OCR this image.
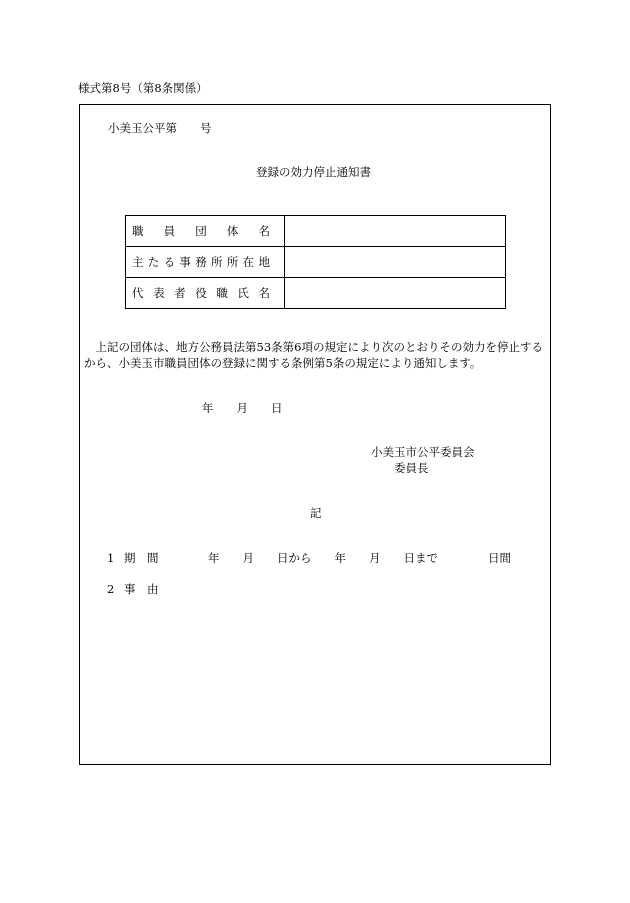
様式第8号（第8条関係）
小美玉公平第　　号
登録の効力停止通知書
職員団体名	

主たる事務所所在地	

代表者役職氏名	

上記の団体は、地方公務員法第53条第6項の規定により次のとおりその効力を停止するから、小美玉市職員団体の登録に関する条例第5条の規定により通知します。
年　　月　　日
小美玉市公平委員会
委員長
記
1 期　間	年　　月　　日から　　年　　月　　日まで	日間
2 事　由
